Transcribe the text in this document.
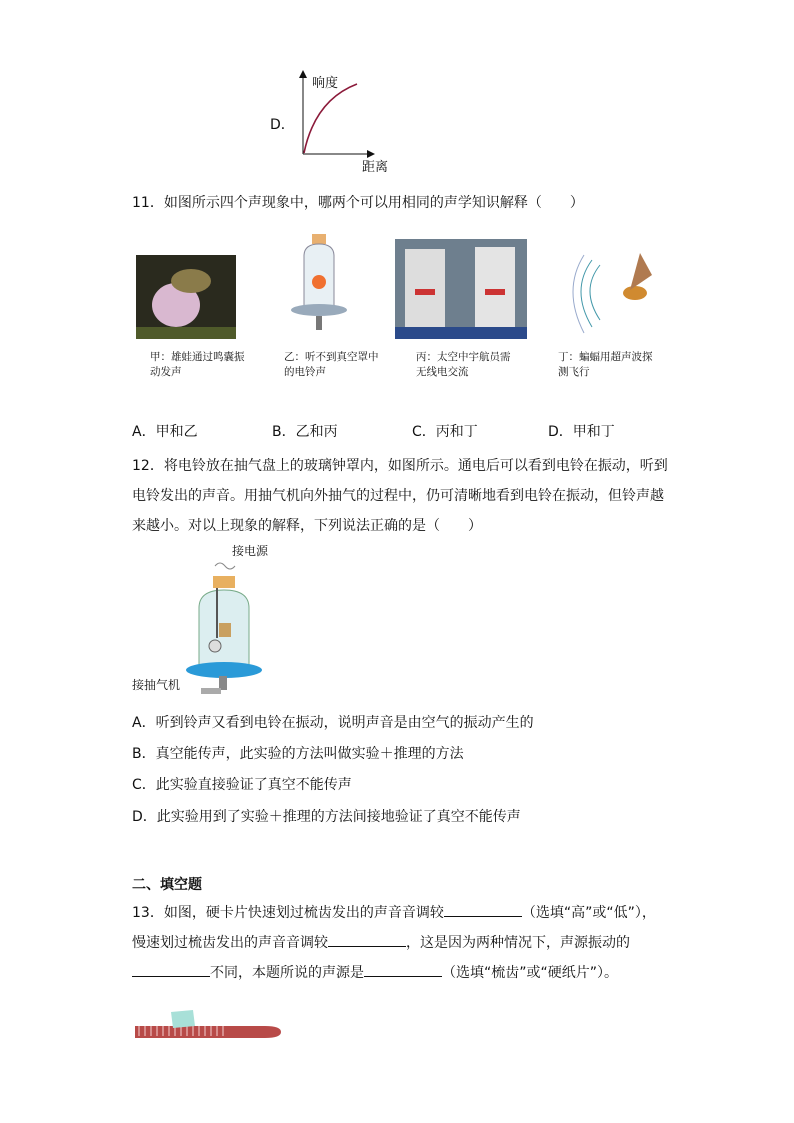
D．
响度
距离
11．如图所示四个声现象中，哪两个可以用相同的声学知识解释（　　）
甲：雄蛙通过鸣囊振动发声
乙：听不到真空罩中的电铃声
丙：太空中宇航员需无线电交流
丁：蝙蝠用超声波探测飞行
A．甲和乙	B．乙和丙	C．丙和丁	D．甲和丁
12．将电铃放在抽气盘上的玻璃钟罩内，如图所示。通电后可以看到电铃在振动，听到
电铃发出的声音。用抽气机向外抽气的过程中，仍可清晰地看到电铃在振动，但铃声越
来越小。对以上现象的解释，下列说法正确的是（　　）
接电源
接抽气机
A．听到铃声又看到电铃在振动，说明声音是由空气的振动产生的
B．真空能传声，此实验的方法叫做实验＋推理的方法
C．此实验直接验证了真空不能传声
D．此实验用到了实验＋推理的方法间接地验证了真空不能传声
二、填空题
13．如图，硬卡片快速划过梳齿发出的声音音调较	（选填“高”或“低”），
慢速划过梳齿发出的声音音调较	，这是因为两种情况下，声源振动的
不同，本题所说的声源是	（选填“梳齿”或“硬纸片”）。
